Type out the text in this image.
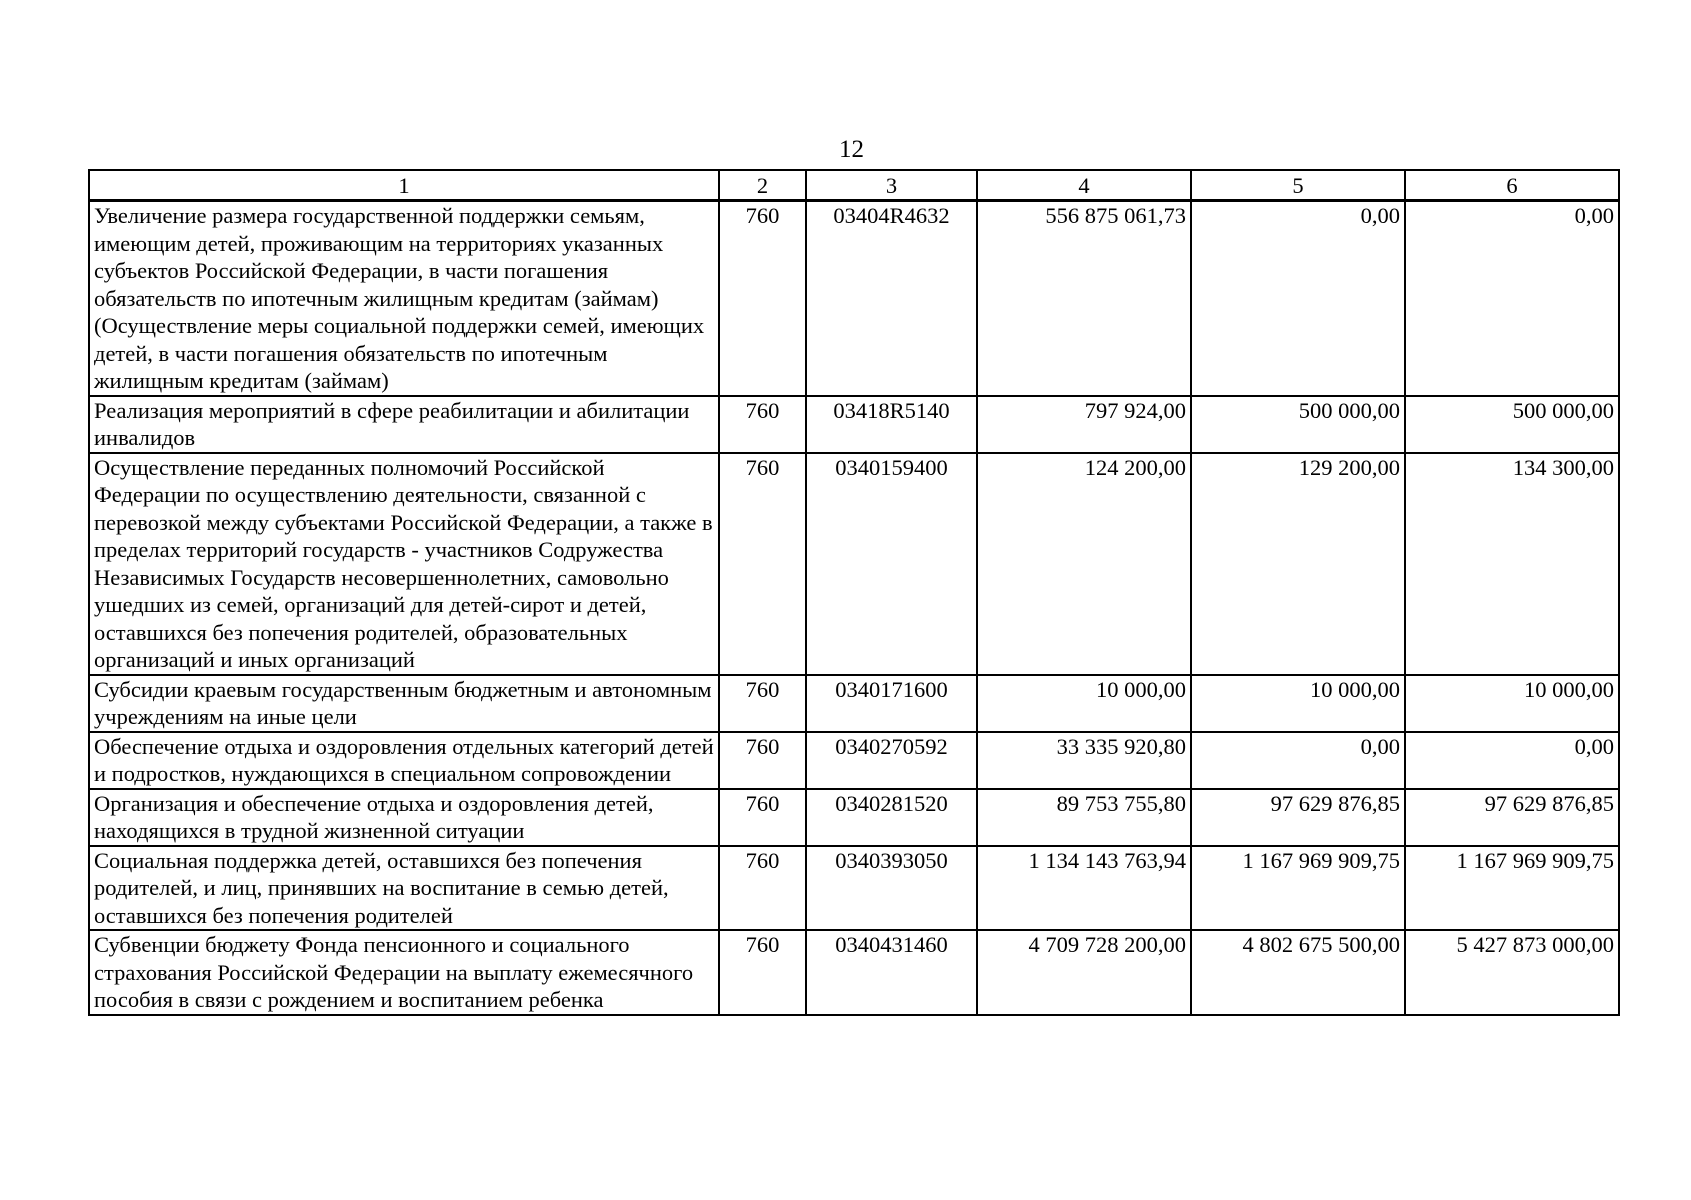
12
1	2	3	4	5	6
Увеличение размера государственной поддержки семьям, имеющим детей, проживающим на территориях указанных субъектов Российской Федерации, в части погашения обязательств по ипотечным жилищным кредитам (займам) (Осуществление меры социальной поддержки семей, имеющих детей, в части погашения обязательств по ипотечным жилищным кредитам (займам)	760	03404R4632	556 875 061,73	0,00	0,00
Реализация мероприятий в сфере реабилитации и абилитации инвалидов	760	03418R5140	797 924,00	500 000,00	500 000,00
Осуществление переданных полномочий Российской Федерации по осуществлению деятельности, связанной с перевозкой между субъектами Российской Федерации, а также в пределах территорий государств - участников Содружества Независимых Государств несовершеннолетних, самовольно ушедших из семей, организаций для детей-сирот и детей, оставшихся без попечения родителей, образовательных организаций и иных организаций	760	0340159400	124 200,00	129 200,00	134 300,00
Субсидии краевым государственным бюджетным и автономным учреждениям на иные цели	760	0340171600	10 000,00	10 000,00	10 000,00
Обеспечение отдыха и оздоровления отдельных категорий детей и подростков, нуждающихся в специальном сопровождении	760	0340270592	33 335 920,80	0,00	0,00
Организация и обеспечение отдыха и оздоровления детей, находящихся в трудной жизненной ситуации	760	0340281520	89 753 755,80	97 629 876,85	97 629 876,85
Социальная поддержка детей, оставшихся без попечения родителей, и лиц, принявших на воспитание в семью детей, оставшихся без попечения родителей	760	0340393050	1 134 143 763,94	1 167 969 909,75	1 167 969 909,75
Субвенции бюджету Фонда пенсионного и социального страхования Российской Федерации на выплату ежемесячного пособия в связи с рождением и воспитанием ребенка	760	0340431460	4 709 728 200,00	4 802 675 500,00	5 427 873 000,00
